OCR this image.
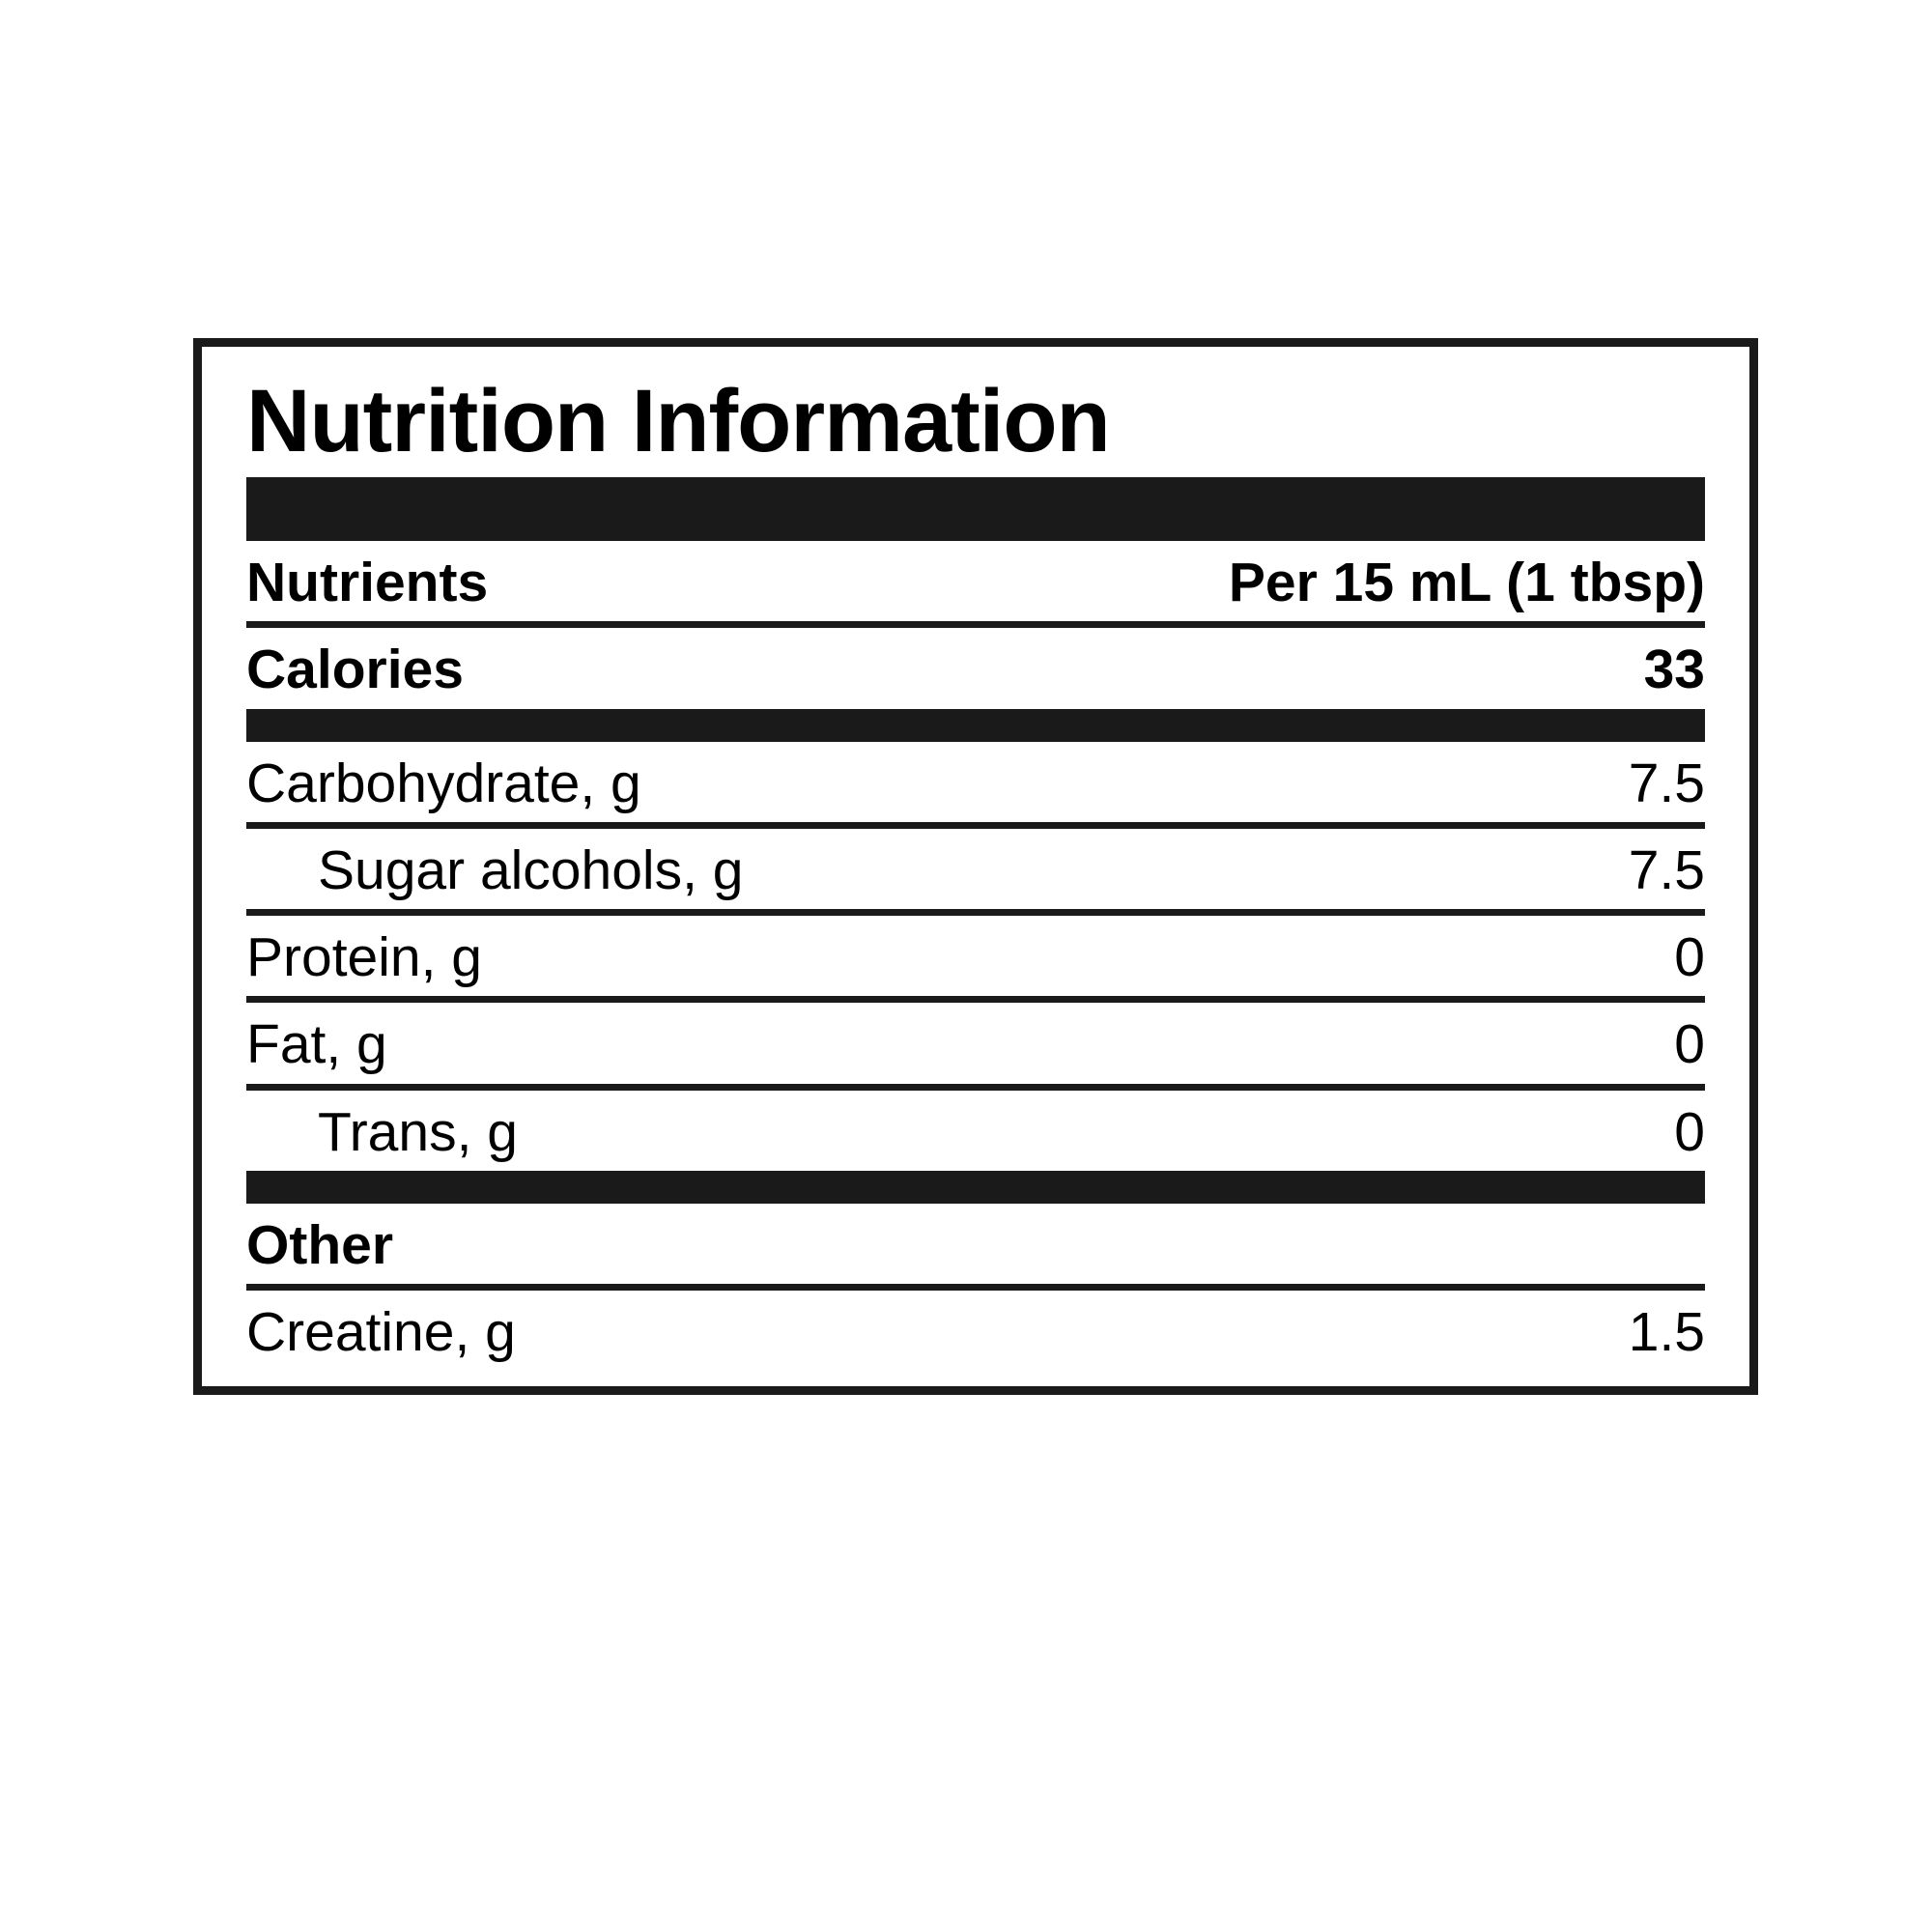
Nutrition Information
Nutrients	Per 15 mL (1 tbsp)
Calories	33
Carbohydrate, g	7.5
Sugar alcohols, g	7.5
Protein, g	0
Fat, g	0
Trans, g	0
Other
Creatine, g	1.5
